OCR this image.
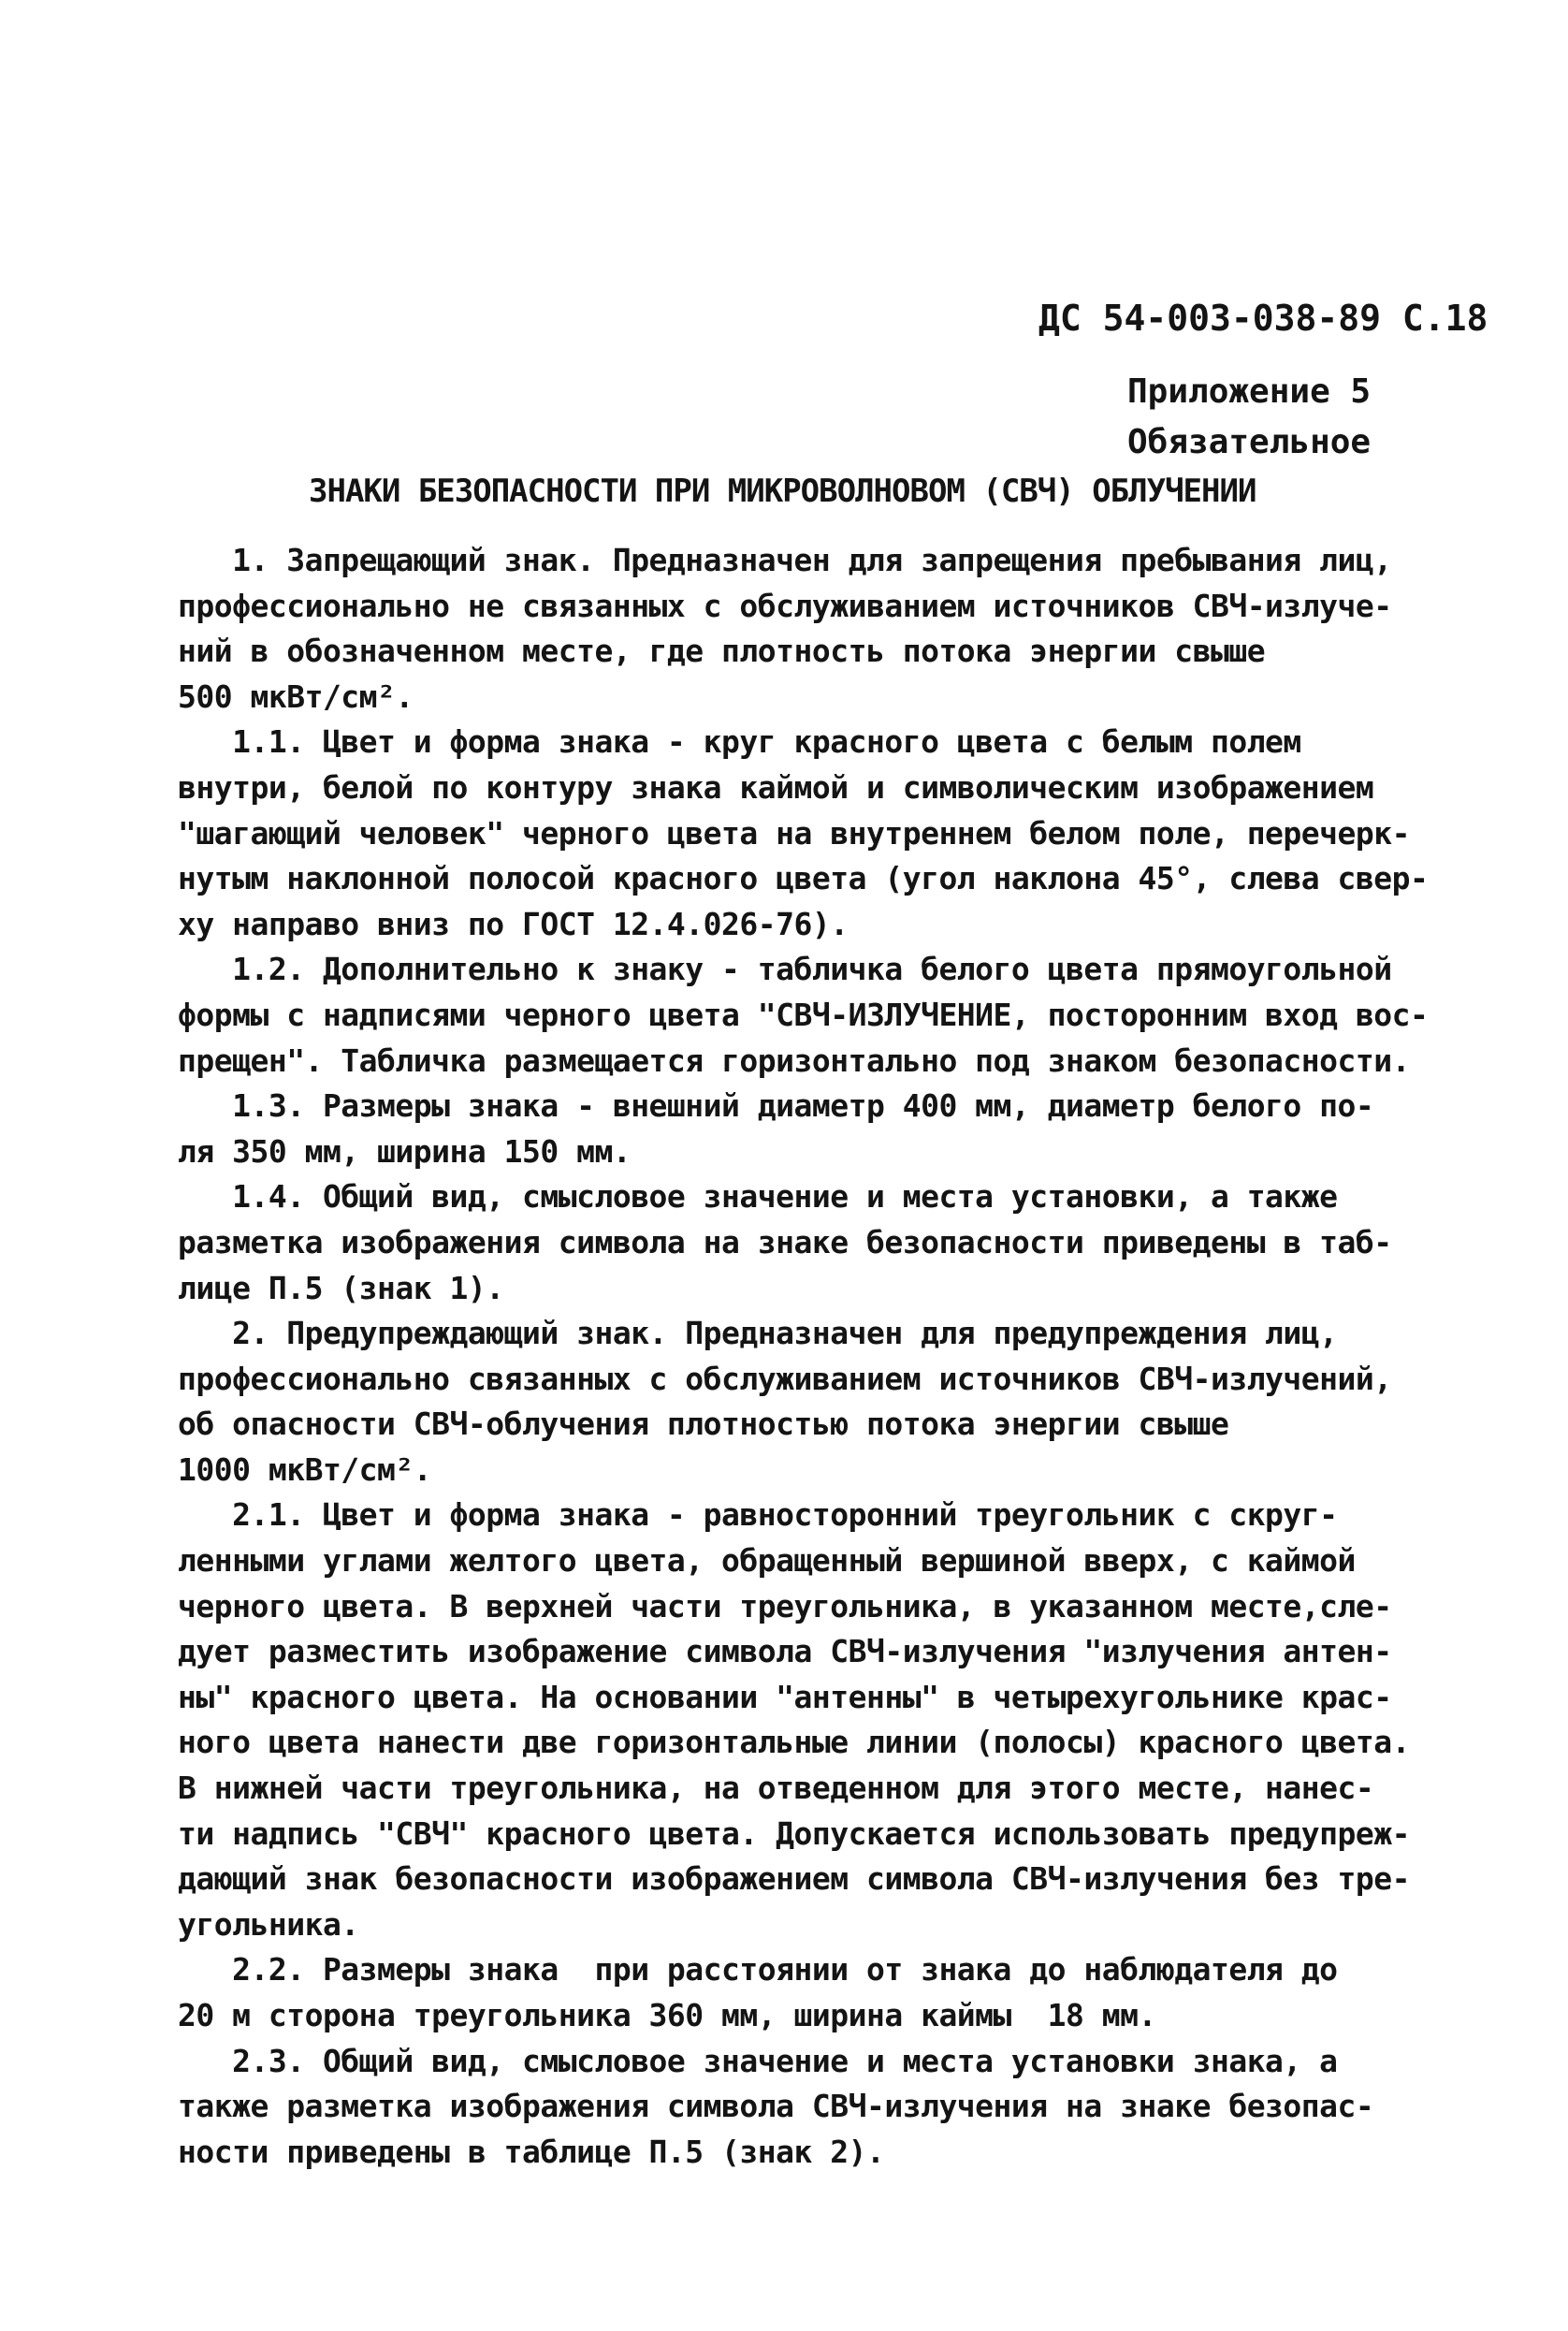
ДС 54-003-038-89 С.18
Приложение 5
Обязательное
ЗНАКИ БЕЗОПАСНОСТИ ПРИ МИКРОВОЛНОВОМ (СВЧ) ОБЛУЧЕНИИ
1. Запрещающий знак. Предназначен для запрещения пребывания лиц,
профессионально не связанных с обслуживанием источников СВЧ-излуче-
ний в обозначенном месте, где плотность потока энергии свыше
500 мкВт/см².
1.1. Цвет и форма знака - круг красного цвета с белым полем
внутри, белой по контуру знака каймой и символическим изображением
"шагающий человек" черного цвета на внутреннем белом поле, перечерк-
нутым наклонной полосой красного цвета (угол наклона 45°, слева свер-
ху направо вниз по ГОСТ 12.4.026-76).
1.2. Дополнительно к знаку - табличка белого цвета прямоугольной
формы с надписями черного цвета "СВЧ-ИЗЛУЧЕНИЕ, посторонним вход вос-
прещен". Табличка размещается горизонтально под знаком безопасности.
1.3. Размеры знака - внешний диаметр 400 мм, диаметр белого по-
ля 350 мм, ширина 150 мм.
1.4. Общий вид, смысловое значение и места установки, а также
разметка изображения символа на знаке безопасности приведены в таб-
лице П.5 (знак 1).
2. Предупреждающий знак. Предназначен для предупреждения лиц,
профессионально связанных с обслуживанием источников СВЧ-излучений,
об опасности СВЧ-облучения плотностью потока энергии свыше
1000 мкВт/см².
2.1. Цвет и форма знака - равносторонний треугольник с скруг-
ленными углами желтого цвета, обращенный вершиной вверх, с каймой
черного цвета. В верхней части треугольника, в указанном месте,сле-
дует разместить изображение символа СВЧ-излучения "излучения антен-
ны" красного цвета. На основании "антенны" в четырехугольнике крас-
ного цвета нанести две горизонтальные линии (полосы) красного цвета.
В нижней части треугольника, на отведенном для этого месте, нанес-
ти надпись "СВЧ" красного цвета. Допускается использовать предупреж-
дающий знак безопасности изображением символа СВЧ-излучения без тре-
угольника.
2.2. Размеры знака  при расстоянии от знака до наблюдателя до
20 м сторона треугольника 360 мм, ширина каймы  18 мм.
2.3. Общий вид, смысловое значение и места установки знака, а
также разметка изображения символа СВЧ-излучения на знаке безопас-
ности приведены в таблице П.5 (знак 2).
